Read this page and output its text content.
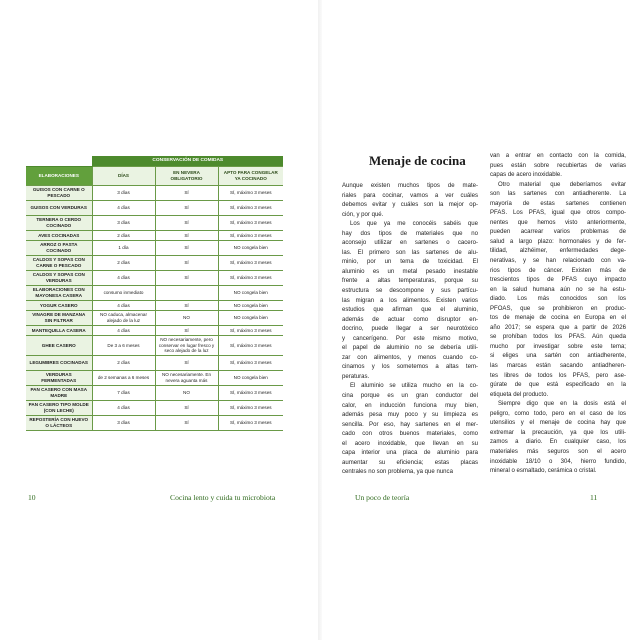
	CONSERVACIÓN DE COMIDAS		
ELABORACIONES	DÍAS	EN NEVERA OBLIGATORIO	APTO PARA CONGELAR YA COCINADO
GUISOS CON CARNE O PESCADO	3 días	SÍ	SÍ, máximo 3 meses
GUISOS CON VERDURAS	4 días	SÍ	SÍ, máximo 3 meses
TERNERA O CERDO COCINADO	3 días	SÍ	SÍ, máximo 3 meses
AVES COCINADAS	2 días	SÍ	SÍ, máximo 3 meses
ARROZ O PASTA COCINADO	1 día	SÍ	NO congela bien
CALDOS Y SOPAS CON CARNE O PESCADO	2 días	SÍ	SÍ, máximo 3 meses
CALDOS Y SOPAS CON VERDURAS	4 días	SÍ	SÍ, máximo 3 meses
ELABORACIONES CON MAYONESA CASERA	consumo inmediato		NO congela bien
YOGUR CASERO	4 días	SÍ	NO congela bien
VINAGRE DE MANZANA SIN FILTRAR	NO caduca, almacenar alejado de la luz	NO	NO congela bien
MANTEQUILLA CASERA	4 días	SÍ	SÍ, máximo 3 meses
GHEE CASERO	De 3 a 6 meses	NO necesariamente, pero conservar en lugar fresco y seco alejado de la luz	SÍ, máximo 3 meses
LEGUMBRES COCINADAS	2 días	SÍ	SÍ, máximo 3 meses
VERDURAS FERMENTADAS	de 2 semanas a 6 meses	NO necesariamente. En nevera aguanta más	NO congela bien
PAN CASERO CON MASA MADRE	7 días	NO	SÍ, máximo 3 meses
PAN CASERO TIPO MOLDE (CON LECHE)	4 días	SÍ	SÍ, máximo 3 meses
REPOSTERÍA CON HUEVO O LÁCTEOS	3 días	SÍ	SÍ, máximo 3 meses
10	Cocina lento y cuida tu microbiota
Menaje de cocina

Aunque existen muchos tipos de mate-

riales para cocinar, vamos a ver cuáles

debemos evitar y cuáles son la mejor op-

ción, y por qué.

Los que ya me conocéis sabéis que

hay dos tipos de materiales que no

aconsejo utilizar en sartenes o cacero-

las. El primero son las sartenes de alu-

minio, por un tema de toxicidad. El

aluminio es un metal pesado inestable

frente a altas temperaturas, porque su

estructura se descompone y sus partícu-

las migran a los alimentos. Existen varios

estudios que afirman que el aluminio,

además de actuar como disruptor en-

docrino, puede llegar a ser neurotóxico

y cancerígeno. Por este mismo motivo,

el papel de aluminio no se debería utili-

zar con alimentos, y menos cuando co-

cinamos y los sometemos a altas tem-

peraturas.

El aluminio se utiliza mucho en la co-

cina porque es un gran conductor del

calor, en inducción funciona muy bien,

además pesa muy poco y su limpieza es

sencilla. Por eso, hay sartenes en el mer-

cado con otros buenos materiales, como

el acero inoxidable, que llevan en su

capa interior una placa de aluminio para

aumentar su eficiencia; estas placas

centrales no son problema, ya que nunca

van a entrar en contacto con la comida,

pues están sobre recubiertas de varias

capas de acero inoxidable.

Otro material que deberíamos evitar

son las sartenes con antiadherente. La

mayoría de estas sartenes contienen

PFAS. Los PFAS, igual que otros compo-

nentes que hemos visto anteriormente,

pueden acarrear varios problemas de

salud a largo plazo: hormonales y de fer-

tilidad, alzhéimer, enfermedades dege-

nerativas, y se han relacionado con va-

rios tipos de cáncer. Existen más de

trescientos tipos de PFAS cuyo impacto

en la salud humana aún no se ha estu-

diado. Los más conocidos son los

PFOAS, que se prohibieron en produc-

tos de menaje de cocina en Europa en el

año 2017; se espera que a partir de 2026

se prohíban todos los PFAS. Aún queda

mucho por investigar sobre este tema;

si eliges una sartén con antiadherente,

las marcas están sacando antiadheren-

tes libres de todos los PFAS, pero ase-

gúrate de que está especificado en la

etiqueta del producto.

Siempre digo que en la dosis está el

peligro, como todo, pero en el caso de los

utensilios y el menaje de cocina hay que

extremar la precaución, ya que los utili-

zamos a diario. En cualquier caso, los

materiales más seguros son el acero

inoxidable 18/10 o 304, hierro fundido,

mineral o esmaltado, cerámica o cristal.

Un poco de teoría	11
